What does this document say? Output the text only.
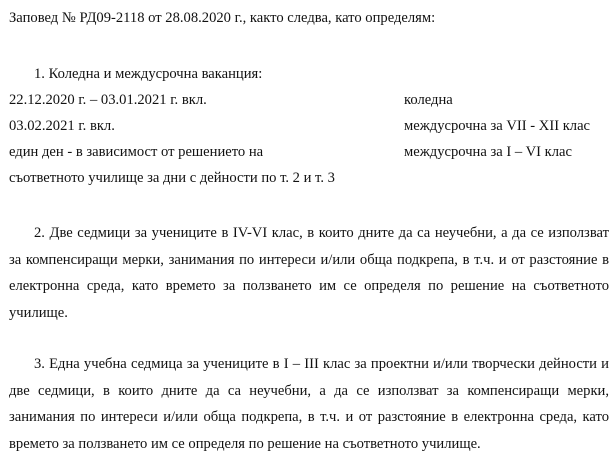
Заповед № РД09-2118 от 28.08.2020 г., както следва, като определям:
1. Коледна и междусрочна ваканция:
22.12.2020 г. – 03.01.2021 г. вкл.	коледна
03.02.2021 г. вкл.	междусрочна за VII - XII клас
един ден - в зависимост от решението на	междусрочна за I – VI клас
съответното училище за дни с дейности по т. 2 и т. 3
2. Две седмици за учениците в IV-VI клас, в които дните да са неучебни, а да се използват за компенсиращи мерки, занимания по интереси и/или обща подкрепа, в т.ч. и от разстояние в електронна среда, като времето за ползването им се определя по решение на съответното училище.
3. Една учебна седмица за учениците в I – III клас за проектни и/или творчески дейности и две седмици, в които дните да са неучебни, а да се използват за компенсиращи мерки, занимания по интереси и/или обща подкрепа, в т.ч. и от разстояние в електронна среда, като времето за ползването им се определя по решение на съответното училище.
